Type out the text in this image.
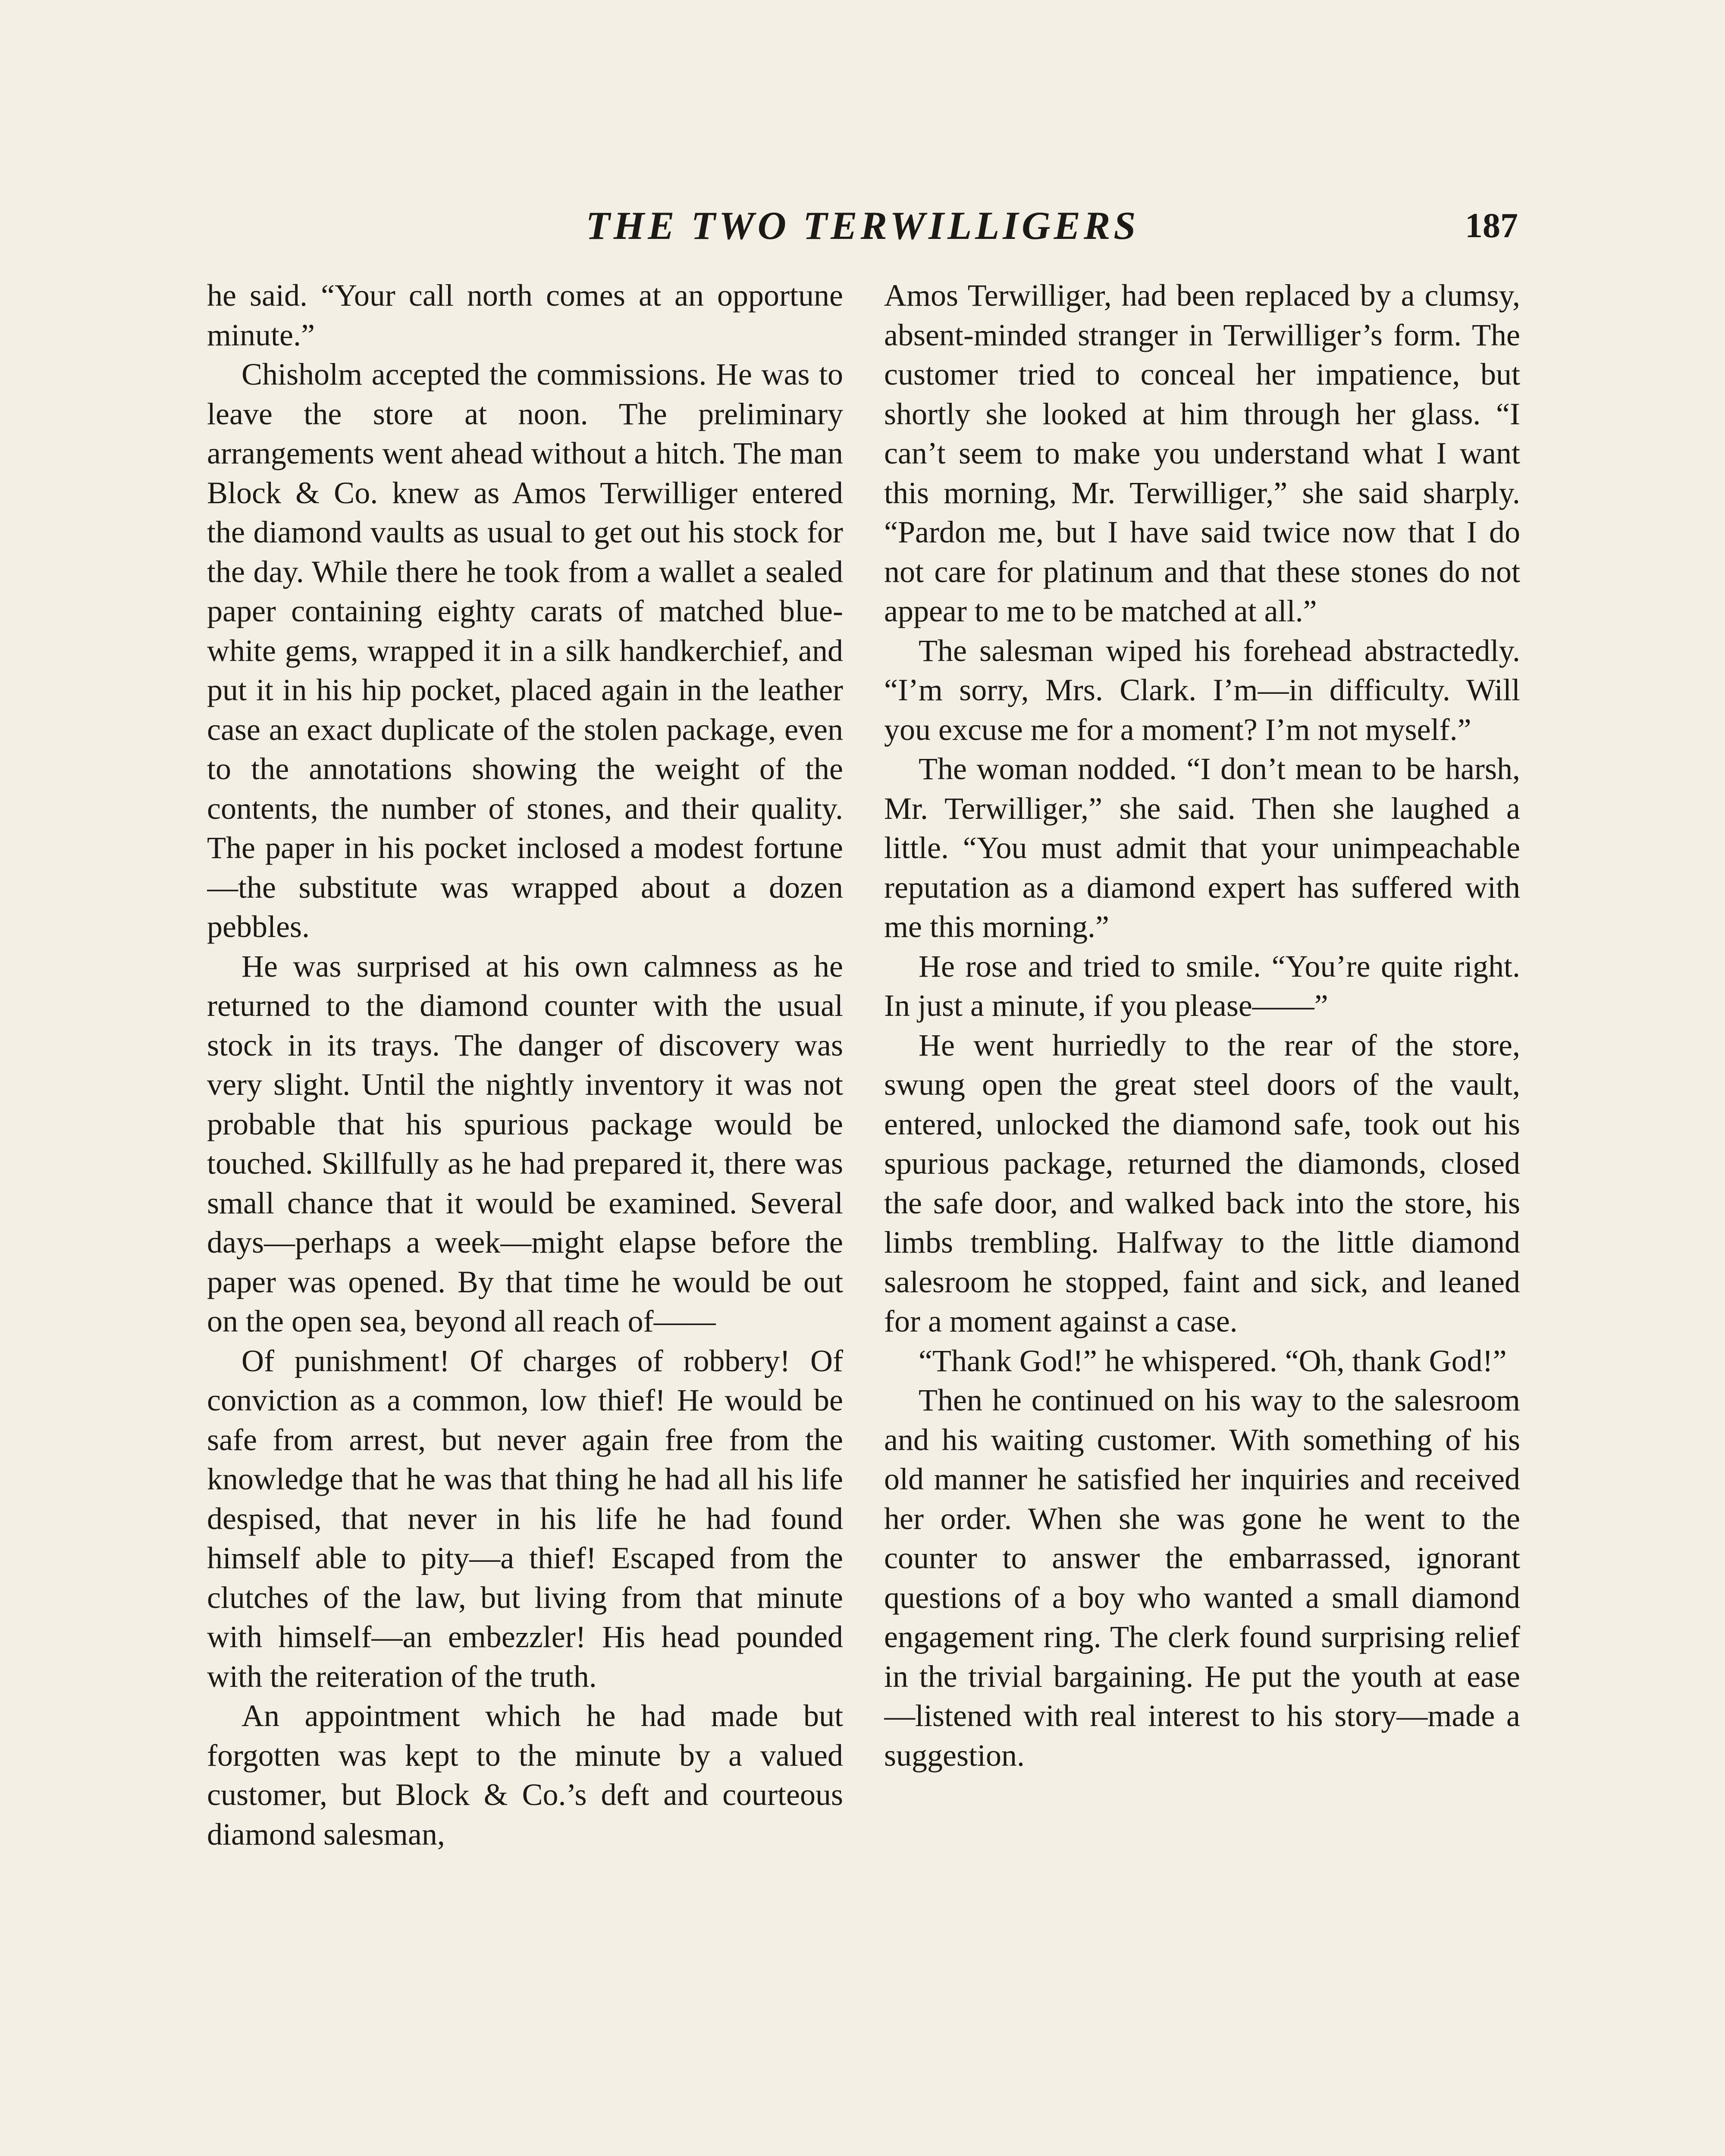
THE TWO TERWILLIGERS	187

he said. “Your call north comes at an opportune minute.”

Chisholm accepted the commissions. He was to leave the store at noon. The preliminary arrangements went ahead without a hitch. The man Block & Co. knew as Amos Terwilliger entered the diamond vaults as usual to get out his stock for the day. While there he took from a wallet a sealed paper containing eighty carats of matched blue-white gems, wrapped it in a silk handkerchief, and put it in his hip pocket, placed again in the leather case an exact duplicate of the stolen package, even to the annotations showing the weight of the contents, the number of stones, and their quality. The paper in his pocket inclosed a modest fortune—the substitute was wrapped about a dozen pebbles.

He was surprised at his own calmness as he returned to the diamond counter with the usual stock in its trays. The danger of discovery was very slight. Until the nightly inventory it was not probable that his spurious package would be touched. Skillfully as he had prepared it, there was small chance that it would be examined. Several days—perhaps a week—might elapse before the paper was opened. By that time he would be out on the open sea, beyond all reach of——

Of punishment! Of charges of robbery! Of conviction as a common, low thief! He would be safe from arrest, but never again free from the knowledge that he was that thing he had all his life despised, that never in his life he had found himself able to pity—a thief! Escaped from the clutches of the law, but living from that minute with himself—an embezzler! His head pounded with the reiteration of the truth.

An appointment which he had made but forgotten was kept to the minute by a valued customer, but Block & Co.’s deft and courteous diamond salesman,

Amos Terwilliger, had been replaced by a clumsy, absent-minded stranger in Terwilliger’s form. The customer tried to conceal her impatience, but shortly she looked at him through her glass. “I can’t seem to make you understand what I want this morning, Mr. Terwilliger,” she said sharply. “Pardon me, but I have said twice now that I do not care for platinum and that these stones do not appear to me to be matched at all.”

The salesman wiped his forehead abstractedly. “I’m sorry, Mrs. Clark. I’m—in difficulty. Will you excuse me for a moment? I’m not myself.”

The woman nodded. “I don’t mean to be harsh, Mr. Terwilliger,” she said. Then she laughed a little. “You must admit that your unimpeachable reputation as a diamond expert has suffered with me this morning.”

He rose and tried to smile. “You’re quite right. In just a minute, if you please——”

He went hurriedly to the rear of the store, swung open the great steel doors of the vault, entered, unlocked the diamond safe, took out his spurious package, returned the diamonds, closed the safe door, and walked back into the store, his limbs trembling. Halfway to the little diamond salesroom he stopped, faint and sick, and leaned for a moment against a case.

“Thank God!” he whispered. “Oh, thank God!”

Then he continued on his way to the salesroom and his waiting customer. With something of his old manner he satisfied her inquiries and received her order. When she was gone he went to the counter to answer the embarrassed, ignorant questions of a boy who wanted a small diamond engagement ring. The clerk found surprising relief in the trivial bargaining. He put the youth at ease—listened with real interest to his story—made a suggestion.
